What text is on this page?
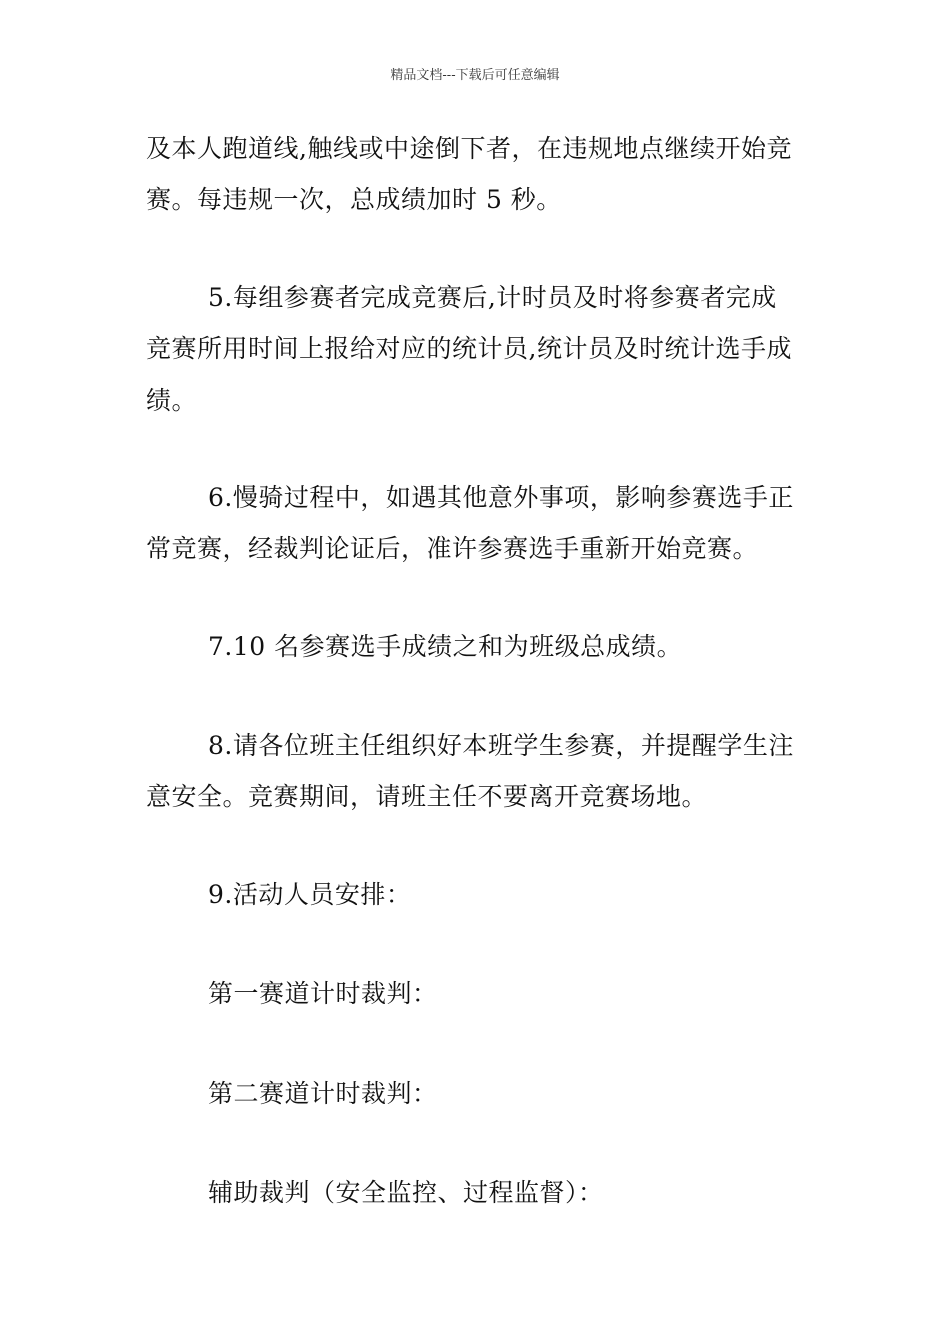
精品文档---下载后可任意编辑
及本人跑道线,触线或中途倒下者，在违规地点继续开始竞
赛。每违规一次，总成绩加时 5 秒。
5.每组参赛者完成竞赛后,计时员及时将参赛者完成
竞赛所用时间上报给对应的统计员,统计员及时统计选手成
绩。
6.慢骑过程中，如遇其他意外事项，影响参赛选手正
常竞赛，经裁判论证后，准许参赛选手重新开始竞赛。
7.10 名参赛选手成绩之和为班级总成绩。
8.请各位班主任组织好本班学生参赛，并提醒学生注
意安全。竞赛期间，请班主任不要离开竞赛场地。
9.活动人员安排：
第一赛道计时裁判：
第二赛道计时裁判：
辅助裁判（安全监控、过程监督）：
